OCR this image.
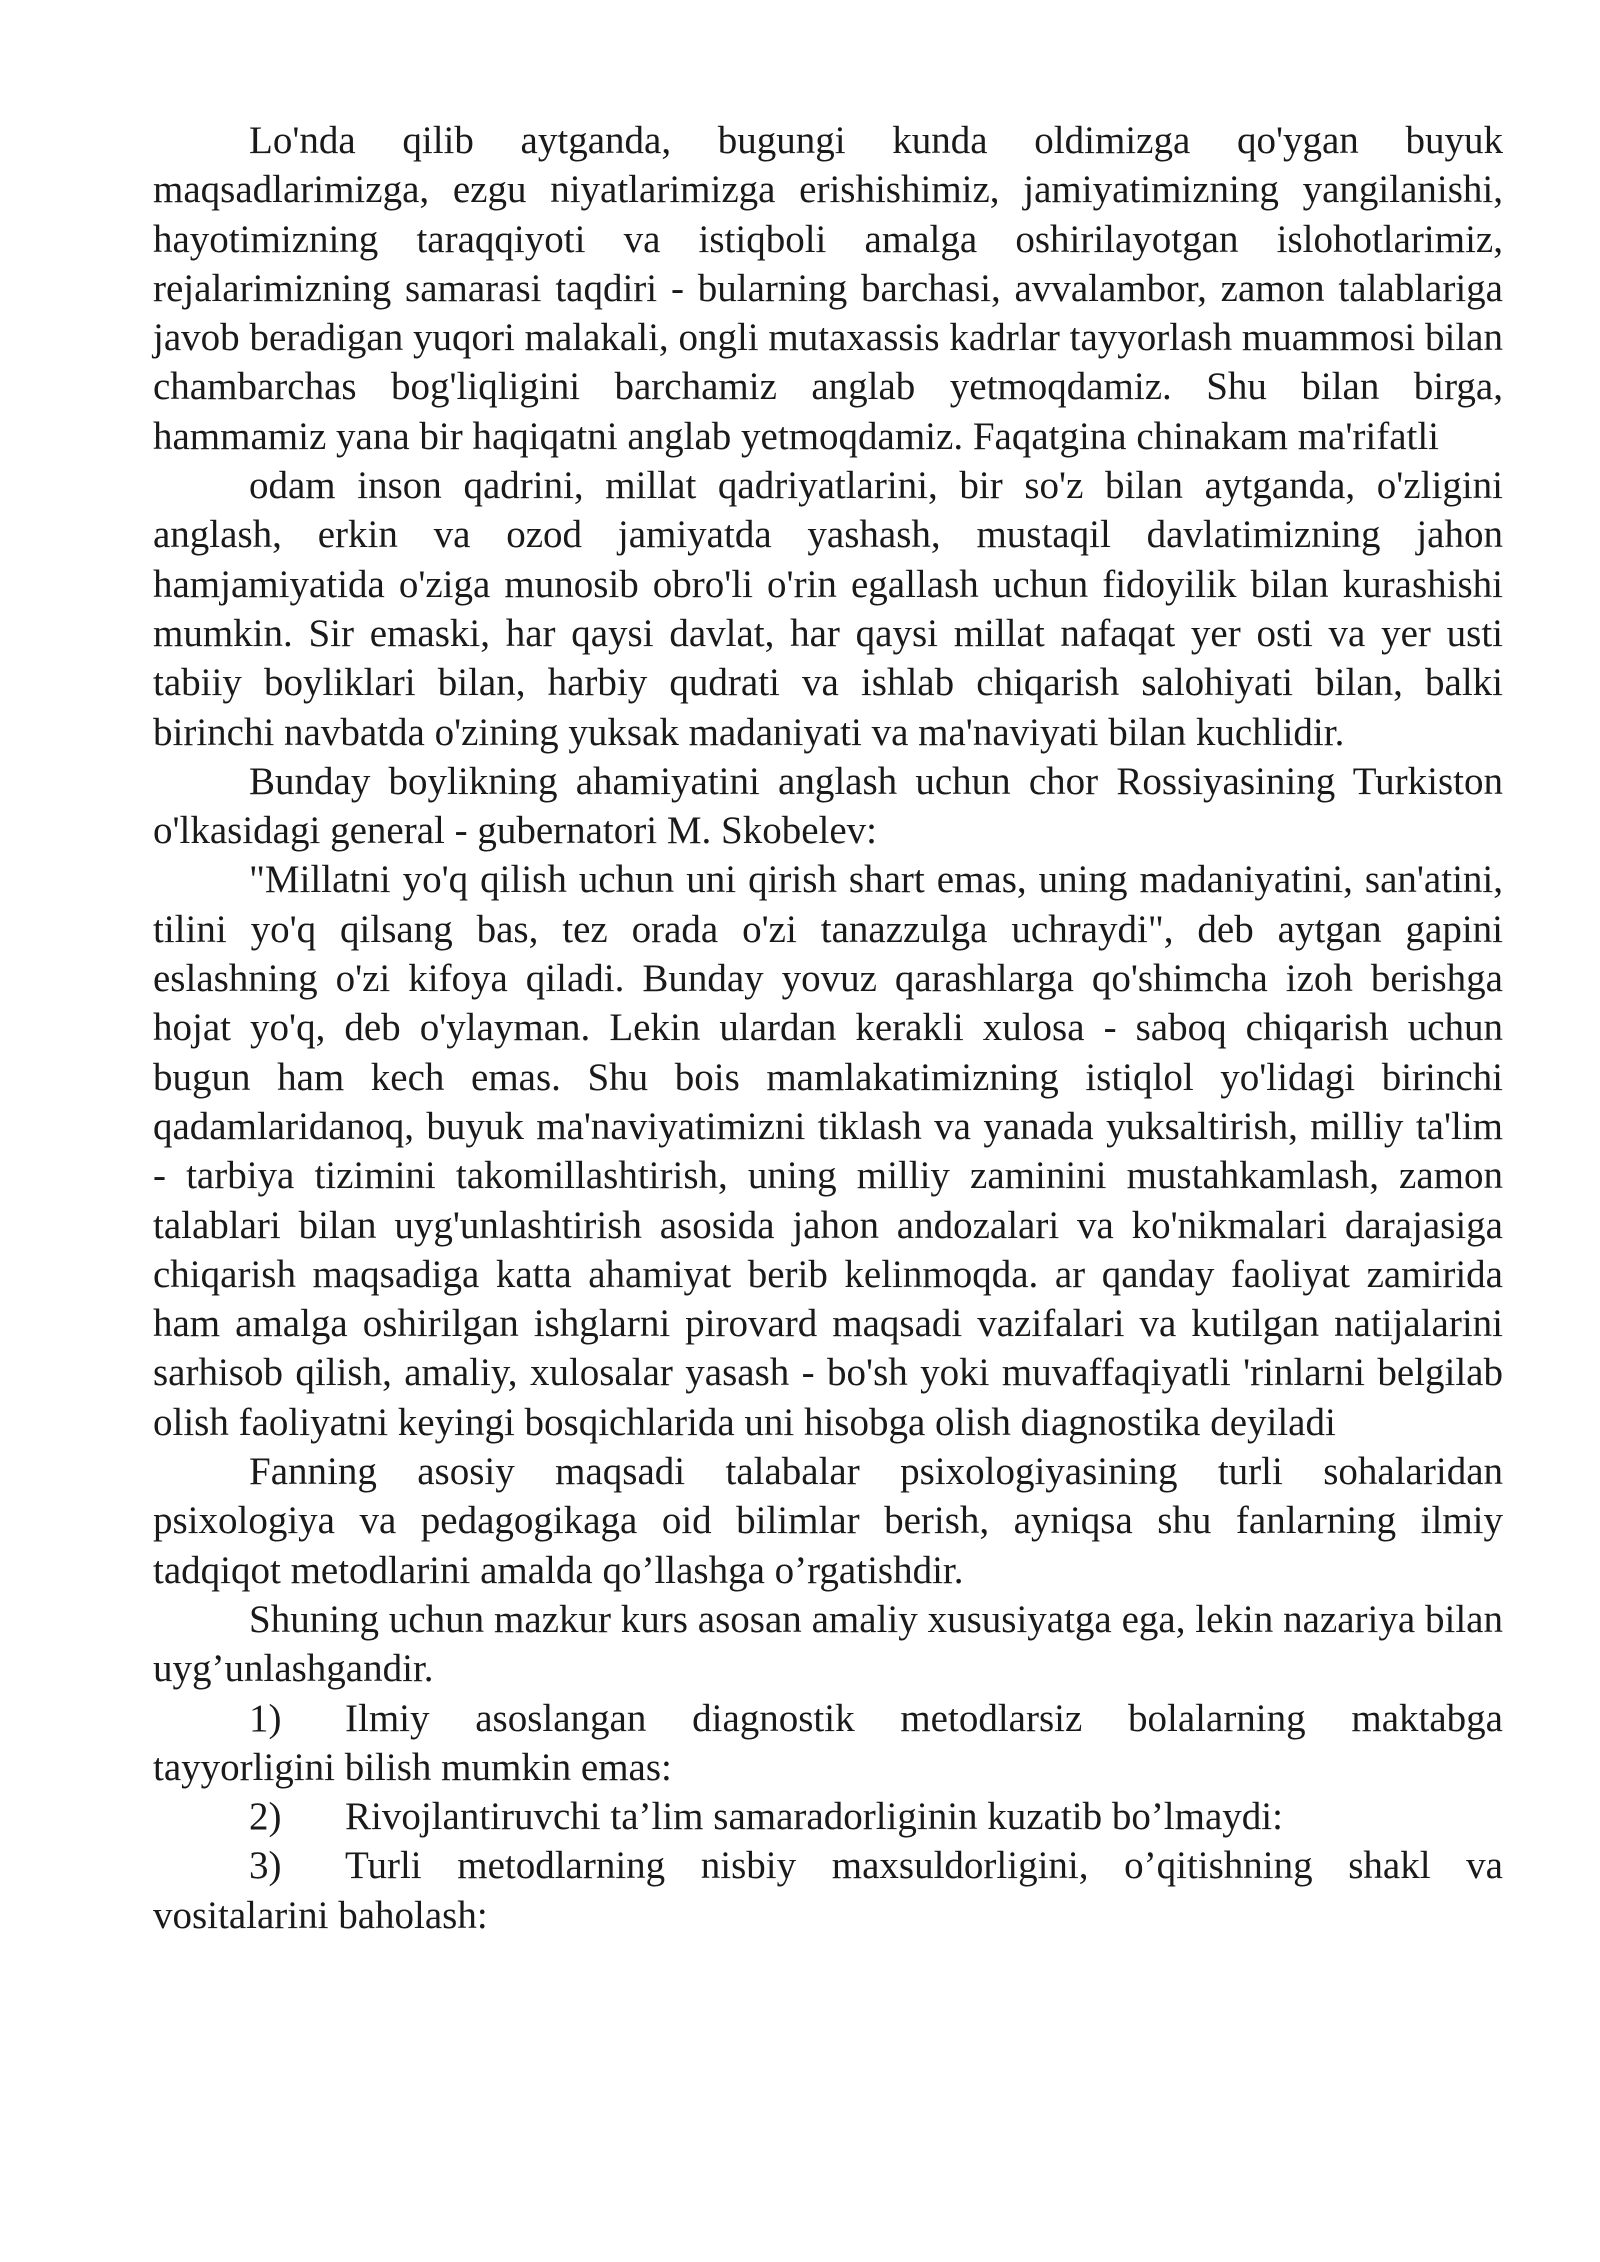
Lo'nda qilib aytganda, bugungi kunda oldimizga qo'ygan buyuk maqsadlarimizga, ezgu niyatlarimizga erishishimiz, jamiyatimizning yangilanishi, hayotimizning taraqqiyoti va istiqboli amalga oshirilayotgan islohotlarimiz, rejalarimizning samarasi taqdiri - bularning barchasi, avvalambor, zamon talablariga javob beradigan yuqori malakali, ongli mutaxassis kadrlar tayyorlash muammosi bilan chambarchas bog'liqligini barchamiz anglab yetmoqdamiz. Shu bilan birga, hammamiz yana bir haqiqatni anglab yetmoqdamiz. Faqatgina chinakam ma'rifatli

odam inson qadrini, millat qadriyatlarini, bir so'z bilan aytganda, o'zligini anglash, erkin va ozod jamiyatda yashash, mustaqil davlatimizning jahon hamjamiyatida o'ziga munosib obro'li o'rin egallash uchun fidoyilik bilan kurashishi mumkin. Sir emaski, har qaysi davlat, har qaysi millat nafaqat yer osti va yer usti tabiiy boyliklari bilan, harbiy qudrati va ishlab chiqarish salohiyati bilan, balki birinchi navbatda o'zining yuksak madaniyati va ma'naviyati bilan kuchlidir.

Bunday boylikning ahamiyatini anglash uchun chor Rossiyasining Turkiston o'lkasidagi general - gubernatori M. Skobelev:

"Millatni yo'q qilish uchun uni qirish shart emas, uning madaniyatini, san'atini, tilini yo'q qilsang bas, tez orada o'zi tanazzulga uchraydi", deb aytgan gapini eslashning o'zi kifoya qiladi. Bunday yovuz qarashlarga qo'shimcha izoh berishga hojat yo'q, deb o'ylayman. Lekin ulardan kerakli xulosa - saboq chiqarish uchun bugun ham kech emas. Shu bois mamlakatimizning istiqlol yo'lidagi birinchi qadamlaridanoq, buyuk ma'naviyatimizni tiklash va yanada yuksaltirish, milliy ta'lim - tarbiya tizimini takomillashtirish, uning milliy zaminini mustahkamlash, zamon talablari bilan uyg'unlashtirish asosida jahon andozalari va ko'nikmalari darajasiga chiqarish maqsadiga katta ahamiyat berib kelinmoqda. ar qanday faoliyat zamirida ham amalga oshirilgan ishglarni pirovard maqsadi vazifalari va kutilgan natijalarini sarhisob qilish, amaliy, xulosalar yasash - bo'sh yoki muvaffaqiyatli 'rinlarni belgilab olish faoliyatni keyingi bosqichlarida uni hisobga olish diagnostika deyiladi

Fanning asosiy maqsadi talabalar psixologiyasining turli sohalaridan psixologiya va pedagogikaga oid bilimlar berish, ayniqsa shu fanlarning ilmiy tadqiqot metodlarini amalda qo’llashga o’rgatishdir.

Shuning uchun mazkur kurs asosan amaliy xususiyatga ega, lekin nazariya bilan uyg’unlashgandir.

1) Ilmiy asoslangan diagnostik metodlarsiz bolalarning maktabga tayyorligini bilish mumkin emas:
2) Rivojlantiruvchi ta’lim samaradorliginin kuzatib bo’lmaydi:
3) Turli metodlarning nisbiy maxsuldorligini, o’qitishning shakl va vositalarini baholash:
